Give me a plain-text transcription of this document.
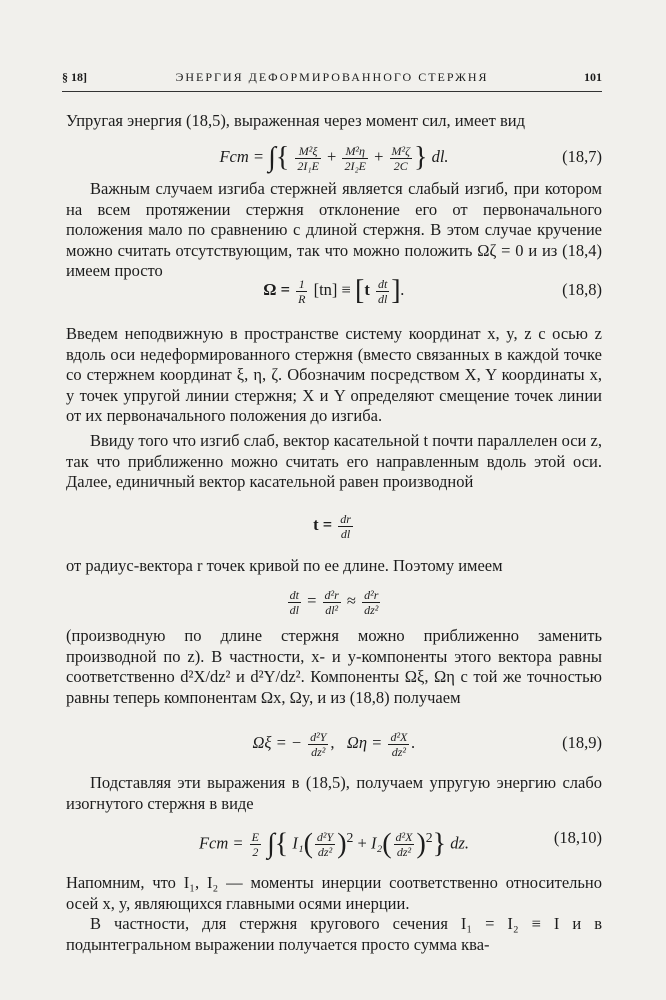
§ 18]	ЭНЕРГИЯ ДЕФОРМИРОВАННОГО СТЕРЖНЯ	101
Упругая энергия (18,5), выраженная через момент сил, имеет вид
Fст = ∫{ $\frac{\text{M²ξ}}{\text{2I₁E}} + \frac{\text{M²η}}{\text{2I₂E}} + \frac{\text{M²ζ}}{2C}$ } dl.	(18,7)
Важным случаем изгиба стержней является слабый изгиб, при котором на всем протяжении стержня отклонение его от первоначального положения мало по сравнению с длиной стержня. В этом случае кручение можно считать отсутствующим, так что можно положить Ωζ = 0 и из (18,4) имеем просто
$\Omega = \frac{1}{R} [tn] \equiv [t \frac{dt}{dl}$ ].	(18,8)
Введем неподвижную в пространстве систему координат x, y, z с осью z вдоль оси недеформированного стержня (вместо связанных в каждой точке со стержнем координат ξ, η, ζ. Обозначим посредством X, Y координаты x, y точек упругой линии стержня; X и Y определяют смещение точек линии от их первоначального положения до изгиба.
Ввиду того что изгиб слаб, вектор касательной t почти параллелен оси z, так что приближенно можно считать его направленным вдоль этой оси. Далее, единичный вектор касательной равен производной
$t = \frac{dr}{dl}$
от радиус-вектора r точек кривой по ее длине. Поэтому имеем
$\frac{dt}{dl} = \frac{\text{d²r}}{\text{dl²}} \approx \frac{\text{d²r}}{\text{dz²}}$
(производную по длине стержня можно приближенно заменить производной по z). В частности, x- и y-компоненты этого вектора равны соответственно d²X/dz² и d²Y/dz². Компоненты Ωξ, Ωη с той же точностью равны теперь компонентам Ωx, Ωy, и из (18,8) получаем
Ωξ = − $\frac{\text{d²Y}}{\text{dz²}}$ , $\Omega\eta = \frac{\text{d²X}}{\text{dz²}}$ .	(18,9)
Подставляя эти выражения в (18,5), получаем упругую энергию слабо изогнутого стержня в виде
Fст = $\frac{E}{2}$ ∫{ $I_1( \frac{\text{d²Y}}{\text{dz²}} )^2 + I_2( \frac{\text{d²X}}{\text{dz²}} )^2$} dz.	(18,10)
Напомним, что I₁, I₂ — моменты инерции соответственно относительно осей x, y, являющихся главными осями инерции.
В частности, для стержня кругового сечения I₁ = I₂ ≡ I и в подынтегральном выражении получается просто сумма ква-
